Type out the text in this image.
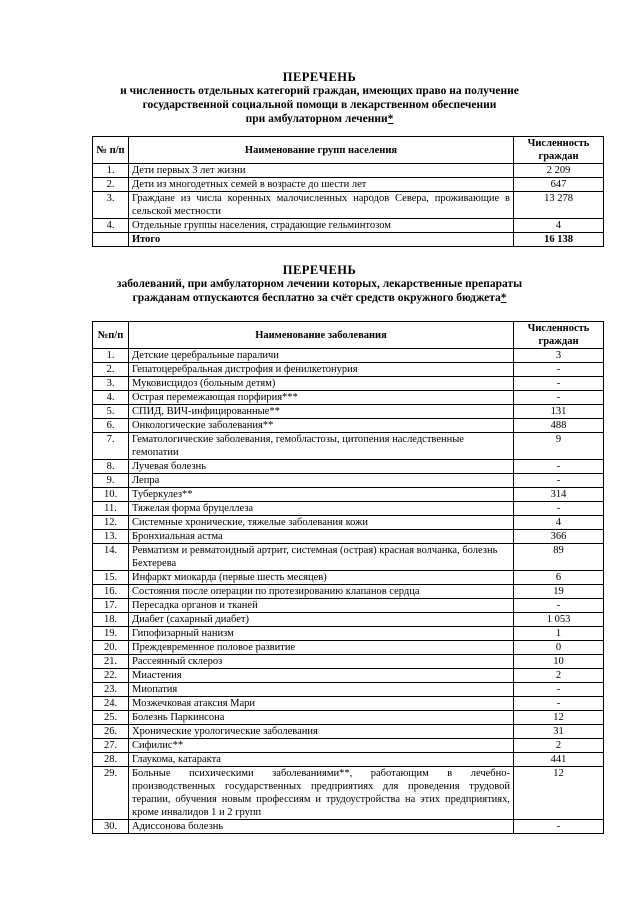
ПЕРЕЧЕНЬ
и численность отдельных категорий граждан, имеющих право на получение
государственной социальной помощи в лекарственном обеспечении
при амбулаторном лечении*
№ п/п	Наименование групп населения	Численность граждан
1.	Дети первых 3 лет жизни	2 209
2.	Дети из многодетных семей в возрасте до шести лет	647
3.	Граждане из числа коренных малочисленных народов Севера, проживающие в сельской местности	13 278
4.	Отдельные группы населения, страдающие гельминтозом	4
	Итого	16 138
ПЕРЕЧЕНЬ
заболеваний, при амбулаторном лечении которых, лекарственные препараты
гражданам отпускаются бесплатно за счёт средств окружного бюджета*
№п/п	Наименование заболевания	Численность граждан
1.	Детские церебральные параличи	3
2.	Гепатоцеребральная дистрофия и фенилкетонурия	-
3.	Муковисцидоз (больным детям)	-
4.	Острая перемежающая порфирия***	-
5.	СПИД, ВИЧ-инфицированные**	131
6.	Онкологические заболевания**	488
7.	Гематологические заболевания, гемобластозы, цитопения наследственные гемопатии	9
8.	Лучевая болезнь	-
9.	Лепра	-
10.	Туберкулез**	314
11.	Тяжелая форма бруцеллеза	-
12.	Системные хронические, тяжелые заболевания кожи	4
13.	Бронхиальная астма	366
14.	Ревматизм и ревматоидный артрит, системная (острая) красная волчанка, болезнь Бехтерева	89
15.	Инфаркт миокарда (первые шесть месяцев)	6
16.	Состояния после операции по протезированию клапанов сердца	19
17.	Пересадка органов и тканей	-
18.	Диабет (сахарный диабет)	1 053
19.	Гипофизарный нанизм	1
20.	Преждевременное половое развитие	0
21.	Рассеянный склероз	10
22.	Миастения	2
23.	Миопатия	-
24.	Мозжечковая атаксия Мари	-
25.	Болезнь Паркинсона	12
26.	Хронические урологические заболевания	31
27.	Сифилис**	2
28.	Глаукома, катаракта	441
29.	Больные психическими заболеваниями**, работающим в лечебно-производственных государственных предприятиях для проведения трудовой терапии, обучения новым профессиям и трудоустройства на этих предприятиях, кроме инвалидов 1 и 2 групп	12
30.	Адиссонова болезнь	-
